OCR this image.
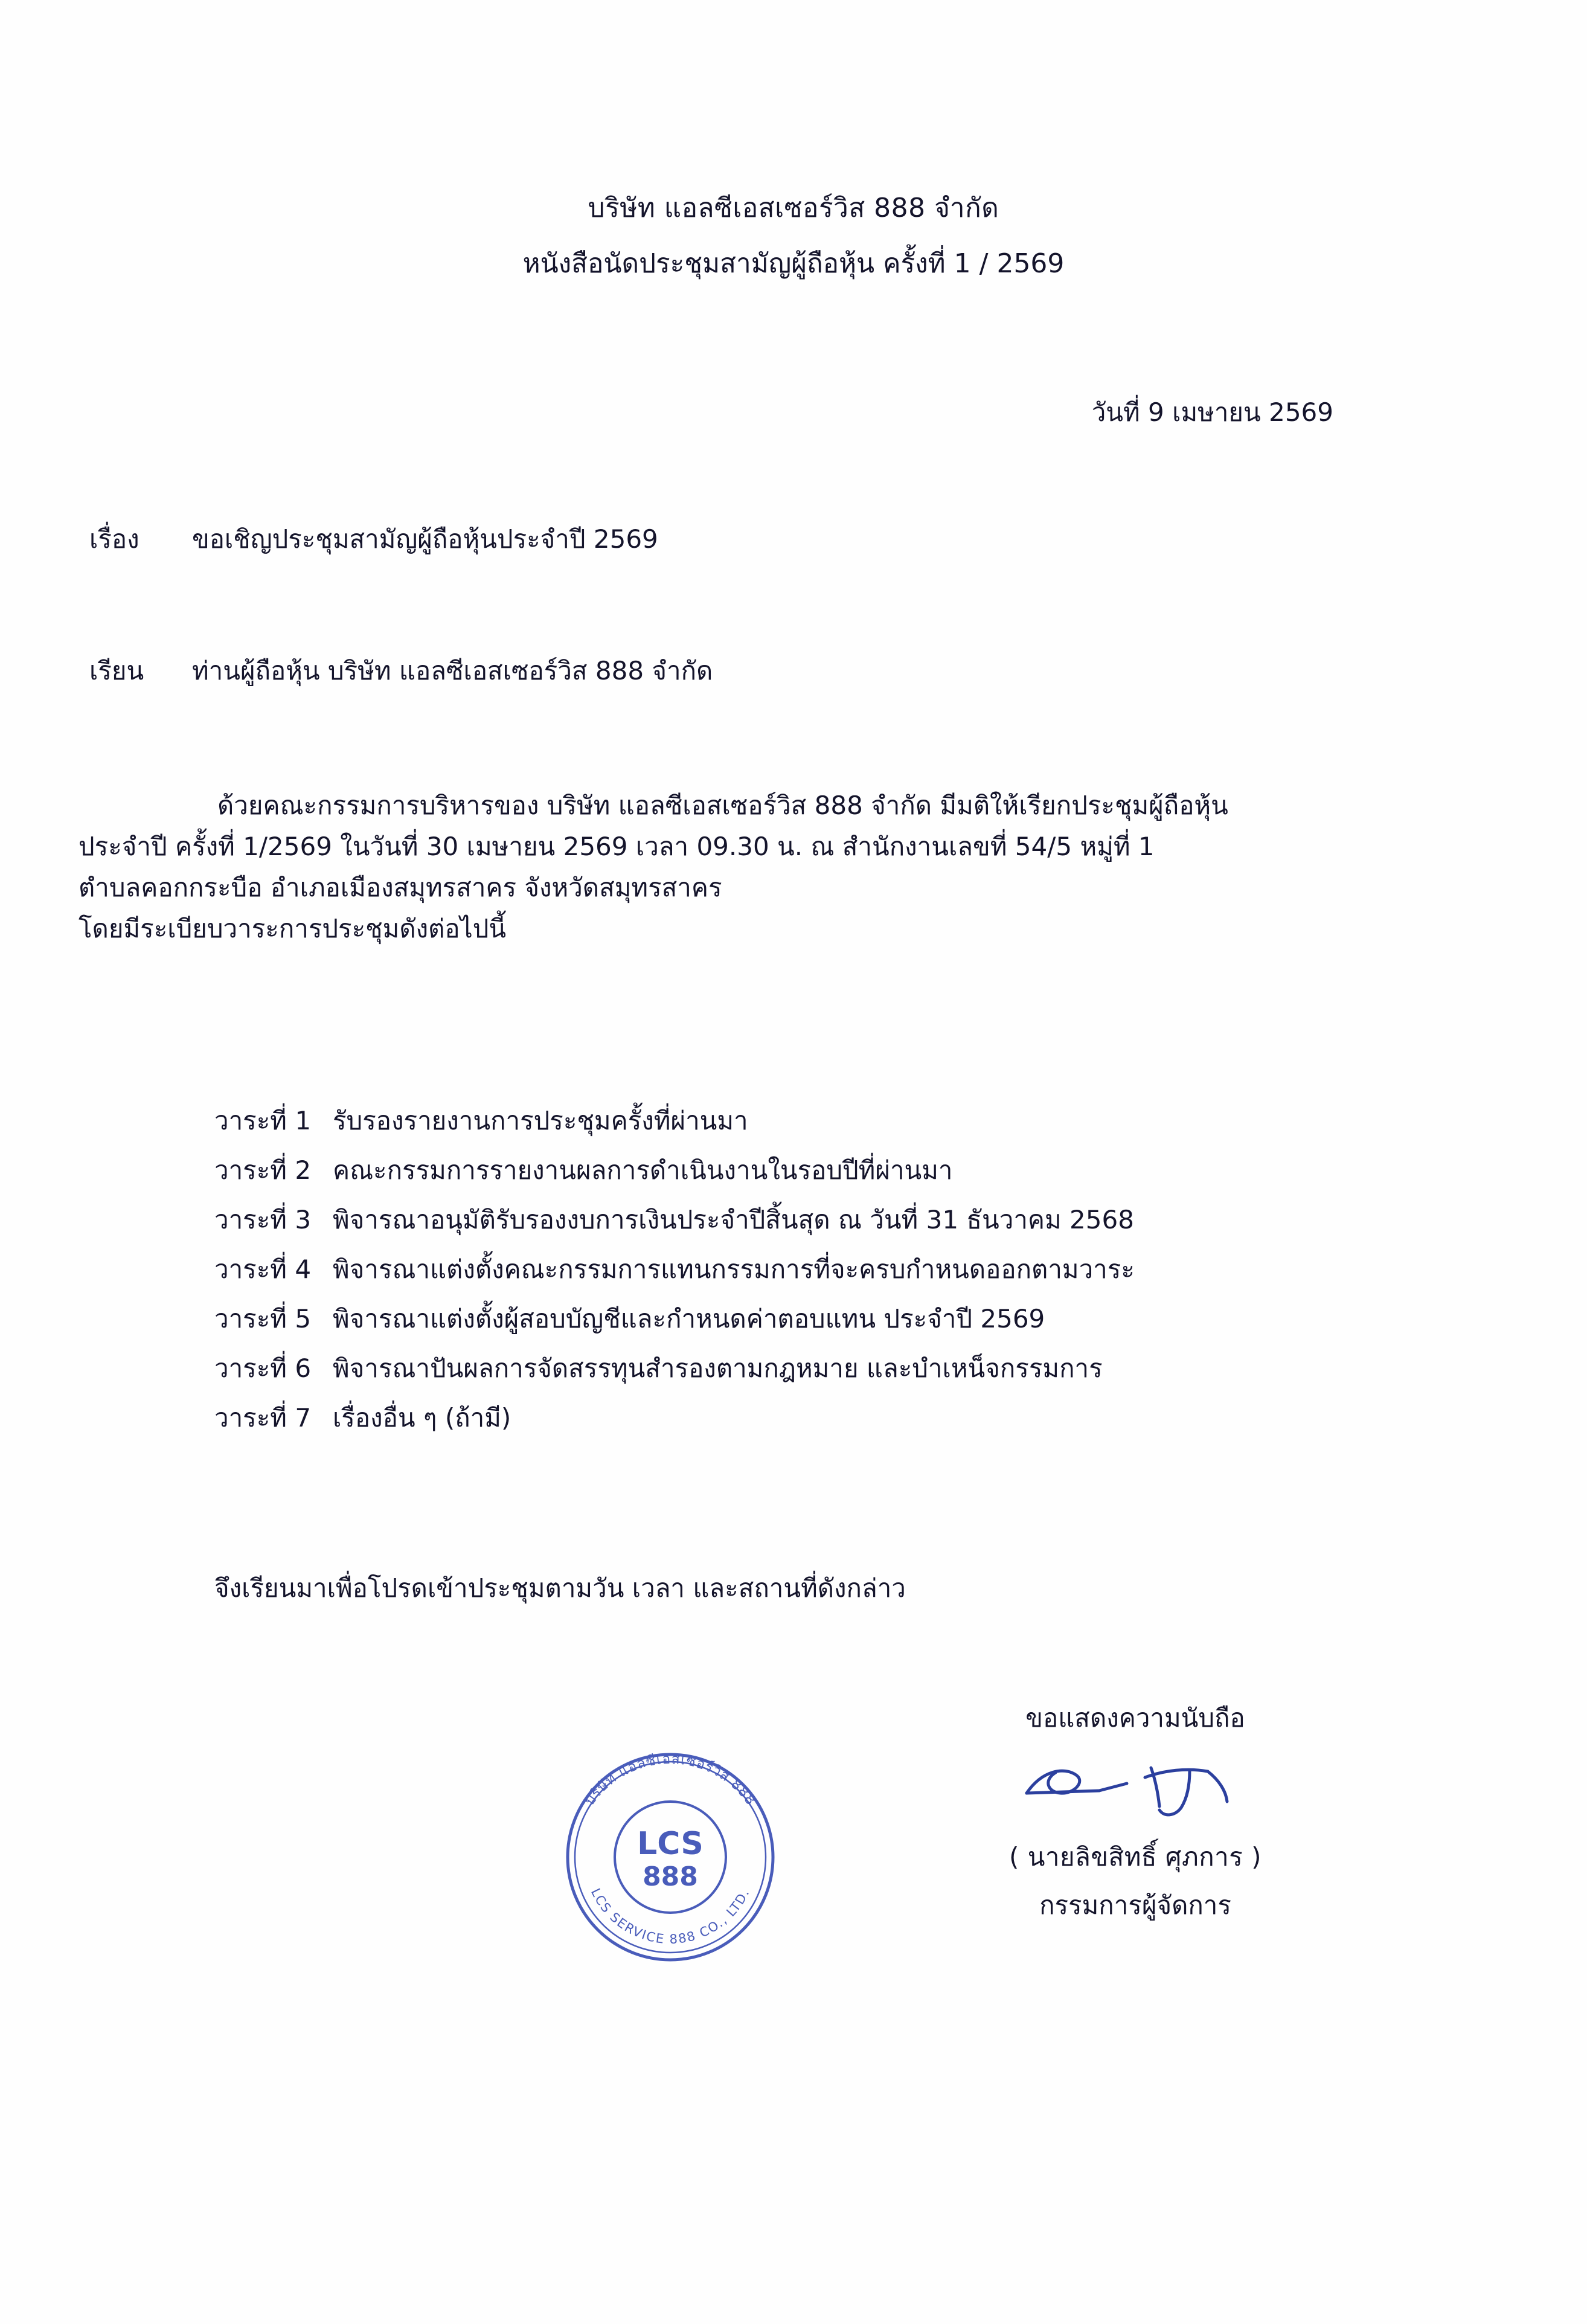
บริษัท แอลซีเอสเซอร์วิส 888 จำกัด
หนังสือนัดประชุมสามัญผู้ถือหุ้น ครั้งที่ 1 / 2569
วันที่ 9 เมษายน 2569
เรื่อง ขอเชิญประชุมสามัญผู้ถือหุ้นประจำปี 2569
เรียน ท่านผู้ถือหุ้น บริษัท แอลซีเอสเซอร์วิส 888 จำกัด
ด้วยคณะกรรมการบริหารของ บริษัท แอลซีเอสเซอร์วิส 888 จำกัด มีมติให้เรียกประชุมผู้ถือหุ้น
ประจำปี ครั้งที่ 1/2569 ในวันที่ 30 เมษายน 2569 เวลา 09.30 น. ณ สำนักงานเลขที่ 54/5 หมู่ที่ 1
ตำบลคอกกระบือ อำเภอเมืองสมุทรสาคร จังหวัดสมุทรสาคร
โดยมีระเบียบวาระการประชุมดังต่อไปนี้
วาระที่ 1 รับรองรายงานการประชุมครั้งที่ผ่านมา
วาระที่ 2 คณะกรรมการรายงานผลการดำเนินงานในรอบปีที่ผ่านมา
วาระที่ 3 พิจารณาอนุมัติรับรองงบการเงินประจำปีสิ้นสุด ณ วันที่ 31 ธันวาคม 2568
วาระที่ 4 พิจารณาแต่งตั้งคณะกรรมการแทนกรรมการที่จะครบกำหนดออกตามวาระ
วาระที่ 5 พิจารณาแต่งตั้งผู้สอบบัญชีและกำหนดค่าตอบแทน ประจำปี 2569
วาระที่ 6 พิจารณาปันผลการจัดสรรทุนสำรองตามกฎหมาย และบำเหน็จกรรมการ
วาระที่ 7 เรื่องอื่น ๆ (ถ้ามี)
จึงเรียนมาเพื่อโปรดเข้าประชุมตามวัน เวลา และสถานที่ดังกล่าว
ขอแสดงความนับถือ
( นายลิขสิทธิ์ ศุภการ )
กรรมการผู้จัดการ
บริษัท แอลซีเอสเซอร์วิส 888
LCS SERVICE 888 CO., LTD.
LCS
888
